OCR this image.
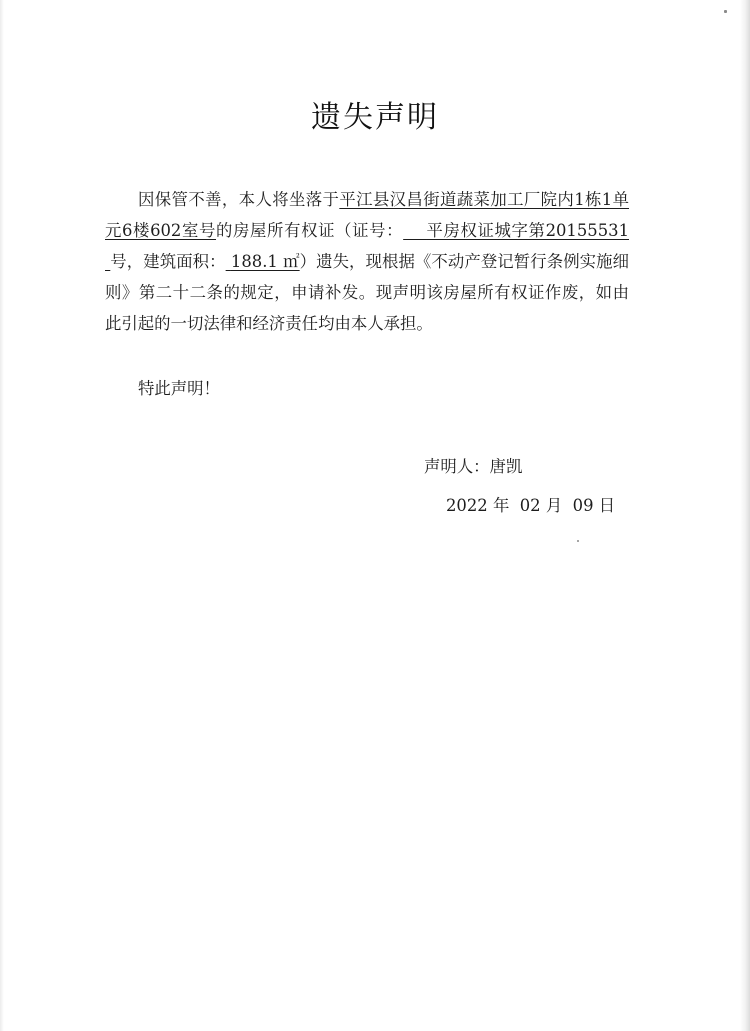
遗失声明

因保管不善，本人将坐落于平江县汉昌街道蔬菜加工厂院内1栋1单元6楼602室号的房屋所有权证（证号： 平房权证城字第20155531 号，建筑面积： 188.1 ㎡）遗失，现根据《不动产登记暂行条例实施细则》第二十二条的规定，申请补发。现声明该房屋所有权证作废，如由此引起的一切法律和经济责任均由本人承担。

特此声明！

声明人：唐凯

2022 年 02 月 09 日
